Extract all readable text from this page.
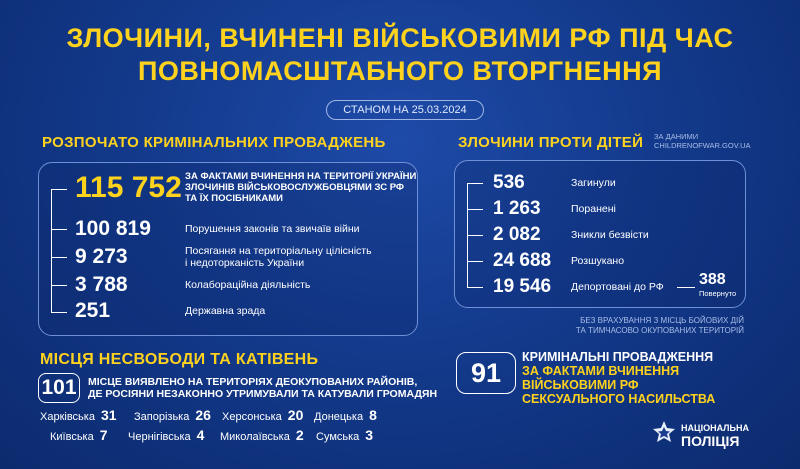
ЗЛОЧИНИ, ВЧИНЕНІ ВІЙСЬКОВИМИ РФ ПІД ЧАС
ПОВНОМАСШТАБНОГО ВТОРГНЕННЯ
СТАНОМ НА 25.03.2024
РОЗПОЧАТО КРИМІНАЛЬНИХ ПРОВАДЖЕНЬ
115 752 ЗА ФАКТАМИ ВЧИНЕННЯ НА ТЕРИТОРІЇ УКРАЇНИ
ЗЛОЧИНІВ ВІЙСЬКОВОСЛУЖБОВЦЯМИ ЗС РФ
ТА ЇХ ПОСІБНИКАМИ
100 819	Порушення законів та звичаїв війни
9 273	Посягання на територіальну цілісність
і недоторканість України
3 788	Колабораційна діяльність
251	Державна зрада
ЗЛОЧИНИ ПРОТИ ДІТЕЙ ЗА ДАНИМИ
CHILDRENOFWAR.GOV.UA
536	Загинули
1 263	Поранені
2 082	Зникли безвісти
24 688 Розшукано
19 546 Депортовані до РФ 388
Повернуто
БЕЗ ВРАХУВАННЯ З МІСЦЬ БОЙОВИХ ДІЙ
ТА ТИМЧАСОВО ОКУПОВАНИХ ТЕРИТОРІЙ
МІСЦЯ НЕСВОБОДИ ТА КАТІВЕНЬ
101	МІСЦЕ ВИЯВЛЕНО НА ТЕРИТОРІЯХ ДЕОКУПОВАНИХ РАЙОНІВ,
ДЕ РОСІЯНИ НЕЗАКОННО УТРИМУВАЛИ ТА КАТУВАЛИ ГРОМАДЯН
Харківська 31 Запорізька 26 Херсонська 20 Донецька 8
Київська 7 Чернігівська 4 Миколаївська 2 Сумська 3
91
КРИМІНАЛЬНІ ПРОВАДЖЕННЯ
ЗА ФАКТАМИ ВЧИНЕННЯ
ВІЙСЬКОВИМИ РФ
СЕКСУАЛЬНОГО НАСИЛЬСТВА
НАЦІОНАЛЬНА
ПОЛІЦІЯ
